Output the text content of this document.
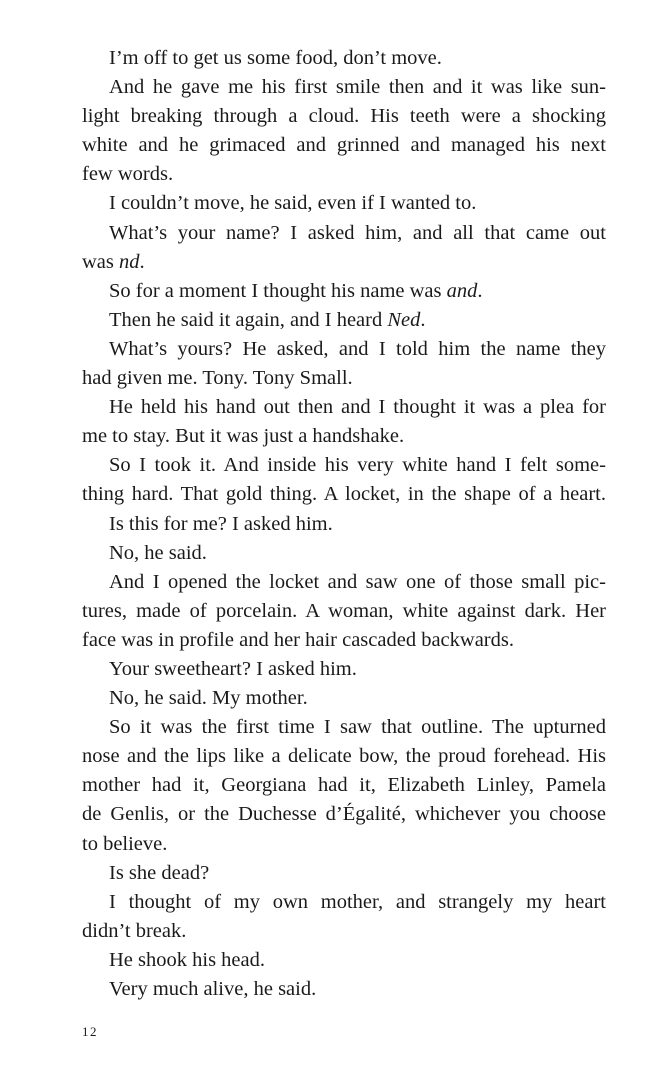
I’m off to get us some food, don’t move.
And he gave me his first smile then and it was like sun-
light breaking through a cloud. His teeth were a shocking
white and he grimaced and grinned and managed his next
few words.
I couldn’t move, he said, even if I wanted to.
What’s your name? I asked him, and all that came out
was nd.
So for a moment I thought his name was and.
Then he said it again, and I heard Ned.
What’s yours? He asked, and I told him the name they
had given me. Tony. Tony Small.
He held his hand out then and I thought it was a plea for
me to stay. But it was just a handshake.
So I took it. And inside his very white hand I felt some-
thing hard. That gold thing. A locket, in the shape of a heart.
Is this for me? I asked him.
No, he said.
And I opened the locket and saw one of those small pic-
tures, made of porcelain. A woman, white against dark. Her
face was in profile and her hair cascaded backwards.
Your sweetheart? I asked him.
No, he said. My mother.
So it was the first time I saw that outline. The upturned
nose and the lips like a delicate bow, the proud forehead. His
mother had it, Georgiana had it, Elizabeth Linley, Pamela
de Genlis, or the Duchesse d’Égalité, whichever you choose
to believe.
Is she dead?
I thought of my own mother, and strangely my heart
didn’t break.
He shook his head.
Very much alive, he said.
12
